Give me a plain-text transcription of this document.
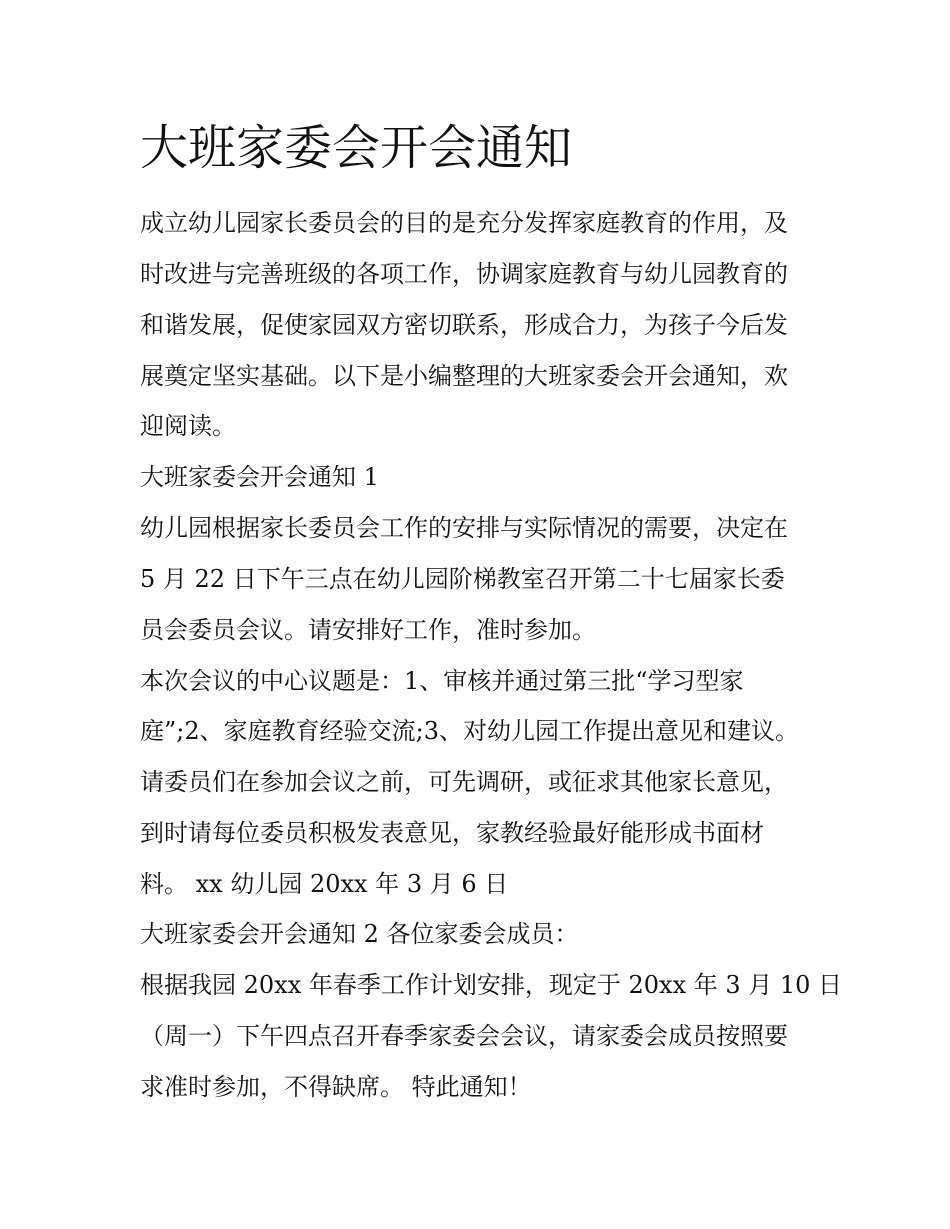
大班家委会开会通知
成立幼儿园家长委员会的目的是充分发挥家庭教育的作用，及
时改进与完善班级的各项工作，协调家庭教育与幼儿园教育的
和谐发展，促使家园双方密切联系，形成合力，为孩子今后发
展奠定坚实基础。以下是小编整理的大班家委会开会通知，欢
迎阅读。
大班家委会开会通知 1
幼儿园根据家长委员会工作的安排与实际情况的需要，决定在
5 月 22 日下午三点在幼儿园阶梯教室召开第二十七届家长委
员会委员会议。请安排好工作，准时参加。
本次会议的中心议题是：1、审核并通过第三批“学习型家
庭”;2、家庭教育经验交流;3、对幼儿园工作提出意见和建议。
请委员们在参加会议之前，可先调研，或征求其他家长意见，
到时请每位委员积极发表意见，家教经验最好能形成书面材
料。 xx 幼儿园 20xx 年 3 月 6 日
大班家委会开会通知 2 各位家委会成员：
根据我园 20xx 年春季工作计划安排，现定于 20xx 年 3 月 10 日
（周一）下午四点召开春季家委会会议，请家委会成员按照要
求准时参加，不得缺席。 特此通知！
